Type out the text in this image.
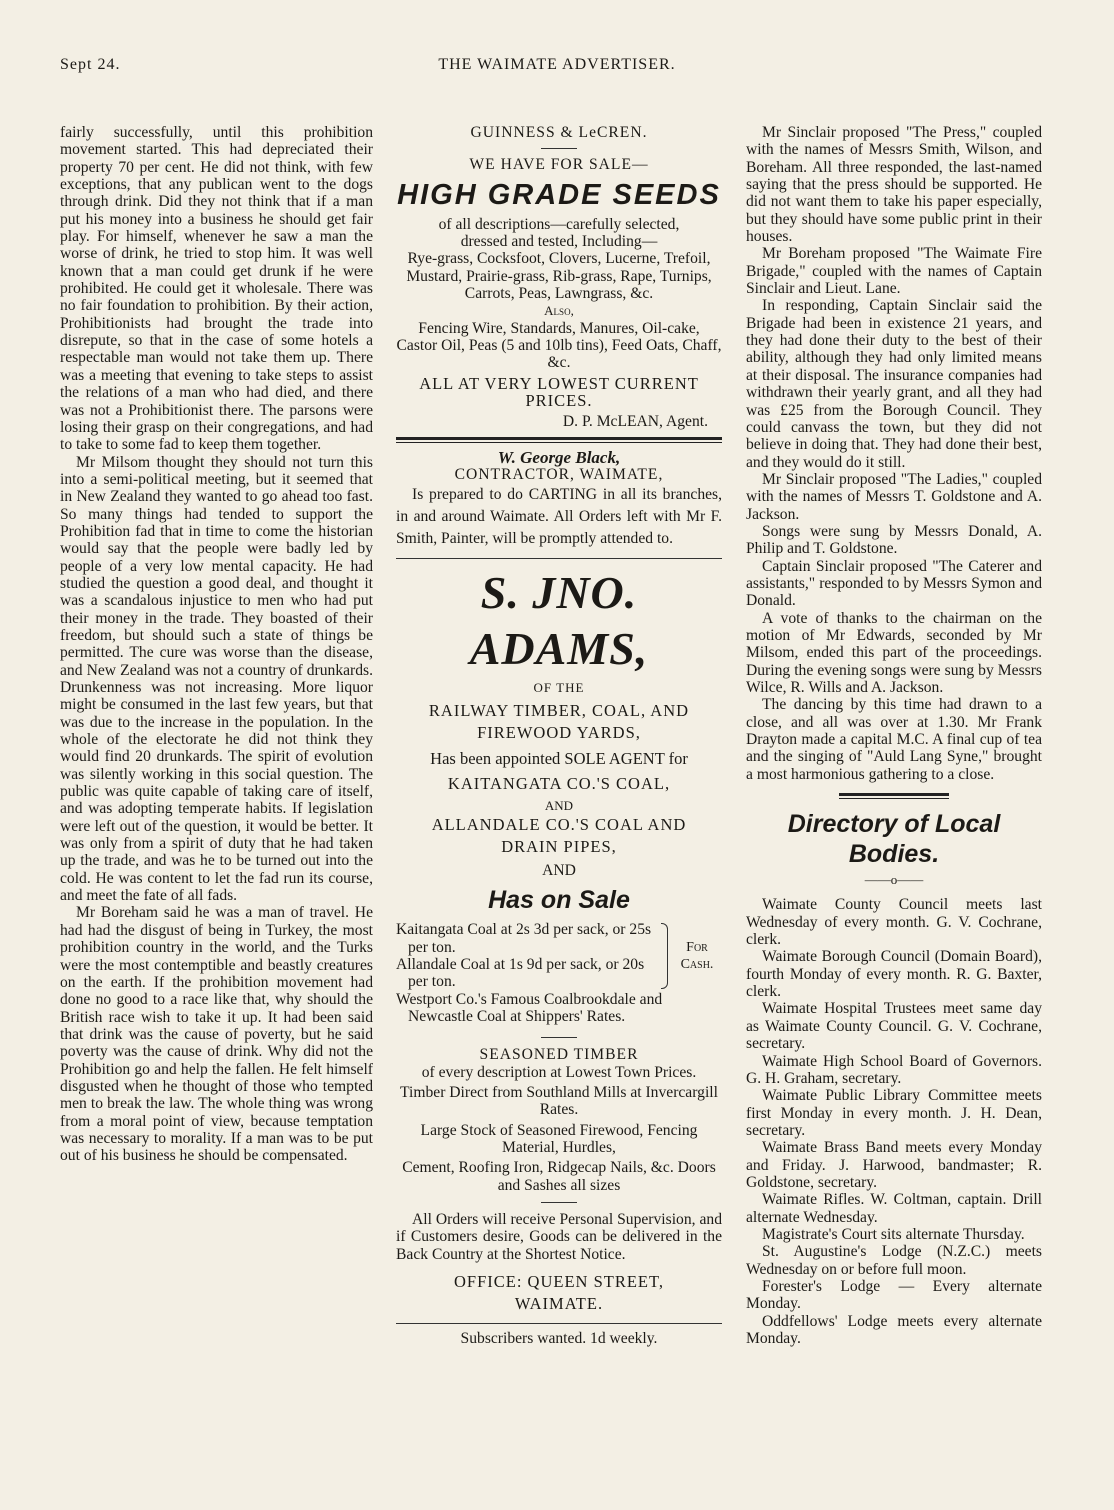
Sept 24.	THE WAIMATE ADVERTISER.

fairly successfully, until this prohibition movement started. This had depreciated their property 70 per cent. He did not think, with few exceptions, that any publican went to the dogs through drink. Did they not think that if a man put his money into a business he should get fair play. For himself, whenever he saw a man the worse of drink, he tried to stop him. It was well known that a man could get drunk if he were prohibited. He could get it wholesale. There was no fair foundation to prohibition. By their action, Prohibitionists had brought the trade into disrepute, so that in the case of some hotels a respectable man would not take them up. There was a meeting that evening to take steps to assist the relations of a man who had died, and there was not a Prohibitionist there. The parsons were losing their grasp on their congregations, and had to take to some fad to keep them together.

Mr Milsom thought they should not turn this into a semi-political meeting, but it seemed that in New Zealand they wanted to go ahead too fast. So many things had tended to support the Prohibition fad that in time to come the historian would say that the people were badly led by people of a very low mental capacity. He had studied the question a good deal, and thought it was a scandalous injustice to men who had put their money in the trade. They boasted of their freedom, but should such a state of things be permitted. The cure was worse than the disease, and New Zealand was not a country of drunkards. Drunkenness was not increasing. More liquor might be consumed in the last few years, but that was due to the increase in the population. In the whole of the electorate he did not think they would find 20 drunkards. The spirit of evolution was silently working in this social question. The public was quite capable of taking care of itself, and was adopting temperate habits. If legislation were left out of the question, it would be better. It was only from a spirit of duty that he had taken up the trade, and was he to be turned out into the cold. He was content to let the fad run its course, and meet the fate of all fads.

Mr Boreham said he was a man of travel. He had had the disgust of being in Turkey, the most prohibition country in the world, and the Turks were the most contemptible and beastly creatures on the earth. If the prohibition movement had done no good to a race like that, why should the British race wish to take it up. It had been said that drink was the cause of poverty, but he said poverty was the cause of drink. Why did not the Prohibition go and help the fallen. He felt himself disgusted when he thought of those who tempted men to break the law. The whole thing was wrong from a moral point of view, because temptation was necessary to morality. If a man was to be put out of his business he should be compensated.

GUINNESS & LeCREN.
WE HAVE FOR SALE—
HIGH GRADE SEEDS
of all descriptions—carefully selected, dressed and tested, Including—
Rye-grass, Cocksfoot, Clovers, Lucerne, Trefoil, Mustard, Prairie-grass, Rib-grass, Rape, Turnips, Carrots, Peas, Lawngrass, &c.
Also,
Fencing Wire, Standards, Manures, Oil-cake, Castor Oil, Peas (5 and 10lb tins), Feed Oats, Chaff, &c.
ALL AT VERY LOWEST CURRENT PRICES.
D. P. McLEAN, Agent.
W. George Black,
CONTRACTOR, WAIMATE,

Is prepared to do CARTING in all its branches, in and around Waimate. All Orders left with Mr F. Smith, Painter, will be promptly attended to.

S. JNO. ADAMS,
OF THE
RAILWAY TIMBER, COAL, AND FIREWOOD YARDS,
Has been appointed SOLE AGENT for
KAITANGATA CO.'S COAL,
AND
ALLANDALE CO.'S COAL AND DRAIN PIPES,
AND
Has on Sale
Kaitangata Coal at 2s 3d per sack, or 25s per ton.
Allandale Coal at 1s 9d per sack, or 20s per ton.
For
Cash.
Westport Co.'s Famous Coalbrookdale and Newcastle Coal at Shippers' Rates.
SEASONED TIMBER
of every description at Lowest Town Prices.
Timber Direct from Southland Mills at Invercargill Rates.
Large Stock of Seasoned Firewood, Fencing Material, Hurdles,
Cement, Roofing Iron, Ridgecap Nails, &c. Doors and Sashes all sizes

All Orders will receive Personal Supervision, and if Customers desire, Goods can be delivered in the Back Country at the Shortest Notice.

OFFICE: QUEEN STREET, WAIMATE.
Subscribers wanted. 1d weekly.

Mr Sinclair proposed "The Press," coupled with the names of Messrs Smith, Wilson, and Boreham. All three responded, the last-named saying that the press should be supported. He did not want them to take his paper especially, but they should have some public print in their houses.

Mr Boreham proposed "The Waimate Fire Brigade," coupled with the names of Captain Sinclair and Lieut. Lane.

In responding, Captain Sinclair said the Brigade had been in existence 21 years, and they had done their duty to the best of their ability, although they had only limited means at their disposal. The insurance companies had withdrawn their yearly grant, and all they had was £25 from the Borough Council. They could canvass the town, but they did not believe in doing that. They had done their best, and they would do it still.

Mr Sinclair proposed "The Ladies," coupled with the names of Messrs T. Goldstone and A. Jackson.

Songs were sung by Messrs Donald, A. Philip and T. Goldstone.

Captain Sinclair proposed "The Caterer and assistants," responded to by Messrs Symon and Donald.

A vote of thanks to the chairman on the motion of Mr Edwards, seconded by Mr Milsom, ended this part of the proceedings. During the evening songs were sung by Messrs Wilce, R. Wills and A. Jackson.

The dancing by this time had drawn to a close, and all was over at 1.30. Mr Frank Drayton made a capital M.C. A final cup of tea and the singing of "Auld Lang Syne," brought a most harmonious gathering to a close.

Directory of Local Bodies.
——o——

Waimate County Council meets last Wednesday of every month. G. V. Cochrane, clerk.

Waimate Borough Council (Domain Board), fourth Monday of every month. R. G. Baxter, clerk.

Waimate Hospital Trustees meet same day as Waimate County Council. G. V. Cochrane, secretary.

Waimate High School Board of Governors. G. H. Graham, secretary.

Waimate Public Library Committee meets first Monday in every month. J. H. Dean, secretary.

Waimate Brass Band meets every Monday and Friday. J. Harwood, bandmaster; R. Goldstone, secretary.

Waimate Rifles. W. Coltman, captain. Drill alternate Wednesday.

Magistrate's Court sits alternate Thursday.

St. Augustine's Lodge (N.Z.C.) meets Wednesday on or before full moon.

Forester's Lodge — Every alternate Monday.

Oddfellows' Lodge meets every alternate Monday.
